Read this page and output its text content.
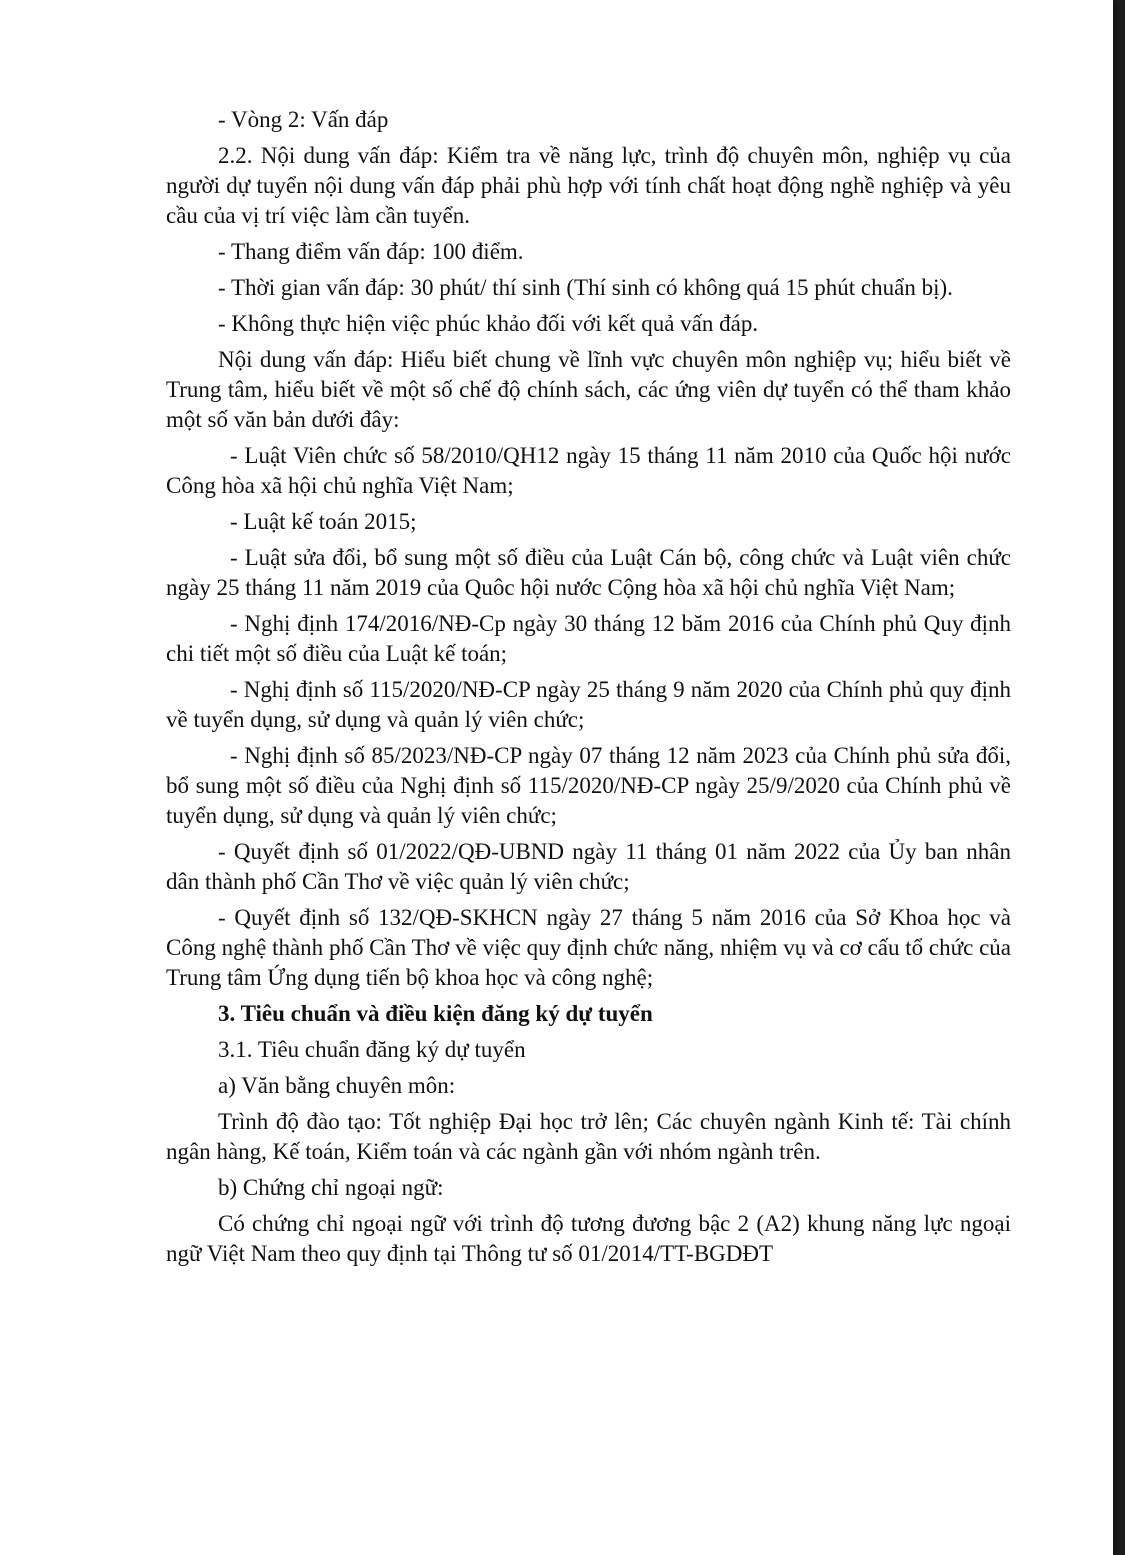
- Vòng 2: Vấn đáp

2.2. Nội dung vấn đáp: Kiểm tra về năng lực, trình độ chuyên môn, nghiệp vụ của người dự tuyển nội dung vấn đáp phải phù hợp với tính chất hoạt động nghề nghiệp và yêu cầu của vị trí việc làm cần tuyển.

- Thang điểm vấn đáp: 100 điểm.

- Thời gian vấn đáp: 30 phút/ thí sinh (Thí sinh có không quá 15 phút chuẩn bị).

- Không thực hiện việc phúc khảo đối với kết quả vấn đáp.

Nội dung vấn đáp: Hiểu biết chung về lĩnh vực chuyên môn nghiệp vụ; hiểu biết về Trung tâm, hiểu biết về một số chế độ chính sách, các ứng viên dự tuyển có thể tham khảo một số văn bản dưới đây:

- Luật Viên chức số 58/2010/QH12 ngày 15 tháng 11 năm 2010 của Quốc hội nước Công hòa xã hội chủ nghĩa Việt Nam;

- Luật kế toán 2015;

- Luật sửa đổi, bổ sung một số điều của Luật Cán bộ, công chức và Luật viên chức ngày 25 tháng 11 năm 2019 của Quôc hội nước Cộng hòa xã hội chủ nghĩa Việt Nam;

- Nghị định 174/2016/NĐ-Cp ngày 30 tháng 12 băm 2016 của Chính phủ Quy định chi tiết một số điều của Luật kế toán;

- Nghị định số 115/2020/NĐ-CP ngày 25 tháng 9 năm 2020 của Chính phủ quy định về tuyển dụng, sử dụng và quản lý viên chức;

- Nghị định số 85/2023/NĐ-CP ngày 07 tháng 12 năm 2023 của Chính phủ sửa đổi, bổ sung một số điều của Nghị định số 115/2020/NĐ-CP ngày 25/9/2020 của Chính phủ về tuyển dụng, sử dụng và quản lý viên chức;

- Quyết định số 01/2022/QĐ-UBND ngày 11 tháng 01 năm 2022 của Ủy ban nhân dân thành phố Cần Thơ về việc quản lý viên chức;

- Quyết định số 132/QĐ-SKHCN ngày 27 tháng 5 năm 2016 của Sở Khoa học và Công nghệ thành phố Cần Thơ về việc quy định chức năng, nhiệm vụ và cơ cấu tổ chức của Trung tâm Ứng dụng tiến bộ khoa học và công nghệ;

3. Tiêu chuẩn và điều kiện đăng ký dự tuyển

3.1. Tiêu chuẩn đăng ký dự tuyển

a) Văn bằng chuyên môn:

Trình độ đào tạo: Tốt nghiệp Đại học trở lên; Các chuyên ngành Kinh tế: Tài chính ngân hàng, Kế toán, Kiểm toán và các ngành gần với nhóm ngành trên.

b) Chứng chỉ ngoại ngữ:

Có chứng chỉ ngoại ngữ với trình độ tương đương bậc 2 (A2) khung năng lực ngoại ngữ Việt Nam theo quy định tại Thông tư số 01/2014/TT-BGDĐT
